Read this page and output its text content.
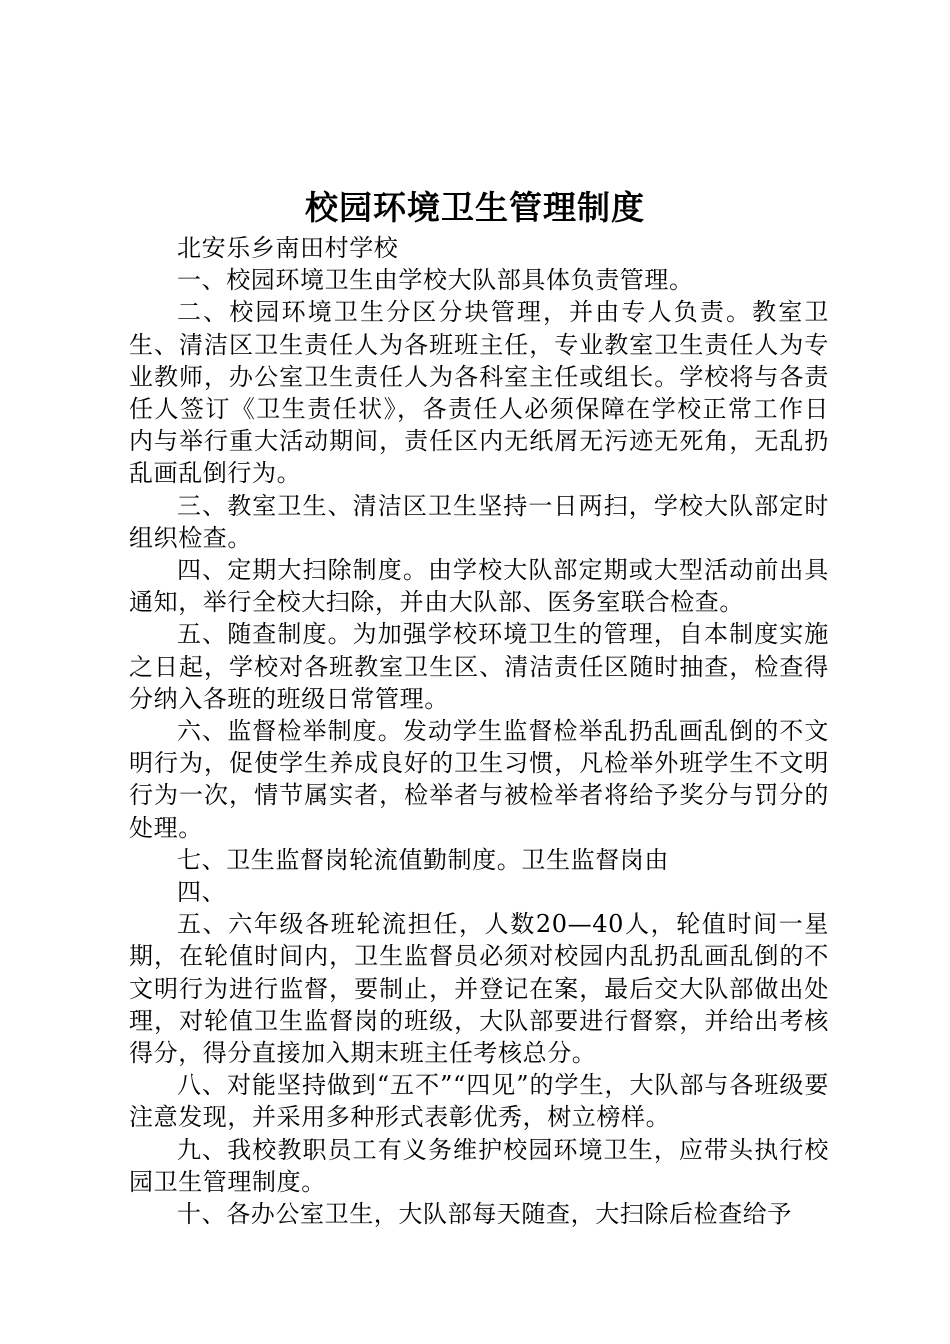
校园环境卫生管理制度

北安乐乡南田村学校

一、校园环境卫生由学校大队部具体负责管理。

二、校园环境卫生分区分块管理，并由专人负责。教室卫生、清洁区卫生责任人为各班班主任，专业教室卫生责任人为专业教师，办公室卫生责任人为各科室主任或组长。学校将与各责任人签订《卫生责任状》，各责任人必须保障在学校正常工作日内与举行重大活动期间，责任区内无纸屑无污迹无死角，无乱扔乱画乱倒行为。

三、教室卫生、清洁区卫生坚持一日两扫，学校大队部定时组织检查。

四、定期大扫除制度。由学校大队部定期或大型活动前出具通知，举行全校大扫除，并由大队部、医务室联合检查。

五、随查制度。为加强学校环境卫生的管理，自本制度实施之日起，学校对各班教室卫生区、清洁责任区随时抽查，检查得分纳入各班的班级日常管理。

六、监督检举制度。发动学生监督检举乱扔乱画乱倒的不文明行为，促使学生养成良好的卫生习惯，凡检举外班学生不文明行为一次，情节属实者，检举者与被检举者将给予奖分与罚分的处理。

七、卫生监督岗轮流值勤制度。卫生监督岗由

四、

五、六年级各班轮流担任，人数20—40人，轮值时间一星期，在轮值时间内，卫生监督员必须对校园内乱扔乱画乱倒的不文明行为进行监督，要制止，并登记在案，最后交大队部做出处理，对轮值卫生监督岗的班级，大队部要进行督察，并给出考核得分，得分直接加入期末班主任考核总分。

八、对能坚持做到“五不”“四见”的学生，大队部与各班级要注意发现，并采用多种形式表彰优秀，树立榜样。

九、我校教职员工有义务维护校园环境卫生，应带头执行校园卫生管理制度。

十、各办公室卫生，大队部每天随查，大扫除后检查给予
